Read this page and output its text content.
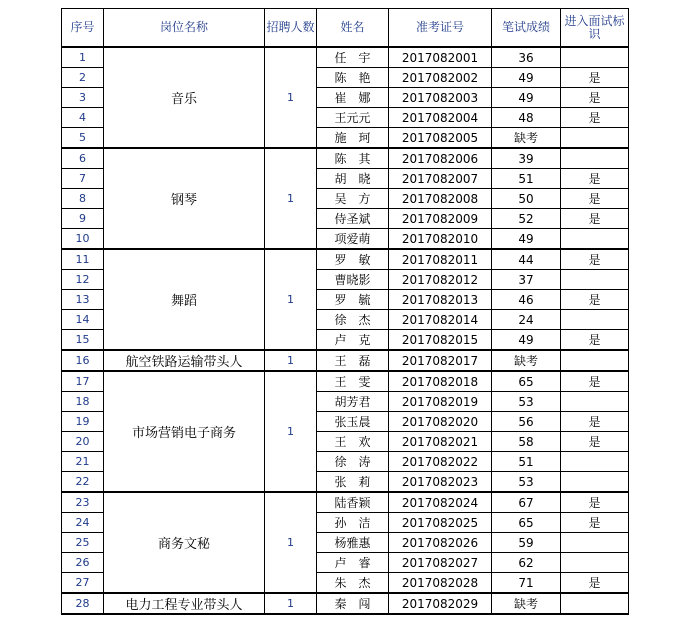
序号	岗位名称	招聘人数	姓名	准考证号	笔试成绩	进入面试标识
1	音乐	1	任　宇	2017082001	36	
2			陈　艳	2017082002	49	是
3			崔　娜	2017082003	49	是
4			王元元	2017082004	48	是
5			施　珂	2017082005	缺考	
6	钢琴	1	陈　其	2017082006	39	
7			胡　晓	2017082007	51	是
8			吴　方	2017082008	50	是
9			侍圣斌	2017082009	52	是
10			项爱萌	2017082010	49	
11	舞蹈	1	罗　敏	2017082011	44	是
12			曹晓影	2017082012	37	
13			罗　毓	2017082013	46	是
14			徐　杰	2017082014	24	
15			卢　克	2017082015	49	是
16	航空铁路运输带头人	1	王　磊	2017082017	缺考	
17	市场营销电子商务	1	王　雯	2017082018	65	是
18			胡芳君	2017082019	53	
19			张玉晨	2017082020	56	是
20			王　欢	2017082021	58	是
21			徐　涛	2017082022	51	
22			张　莉	2017082023	53	
23	商务文秘	1	陆香颖	2017082024	67	是
24			孙　洁	2017082025	65	是
25			杨雅惠	2017082026	59	
26			卢　睿	2017082027	62	
27			朱　杰	2017082028	71	是
28	电力工程专业带头人	1	秦　闯	2017082029	缺考	
